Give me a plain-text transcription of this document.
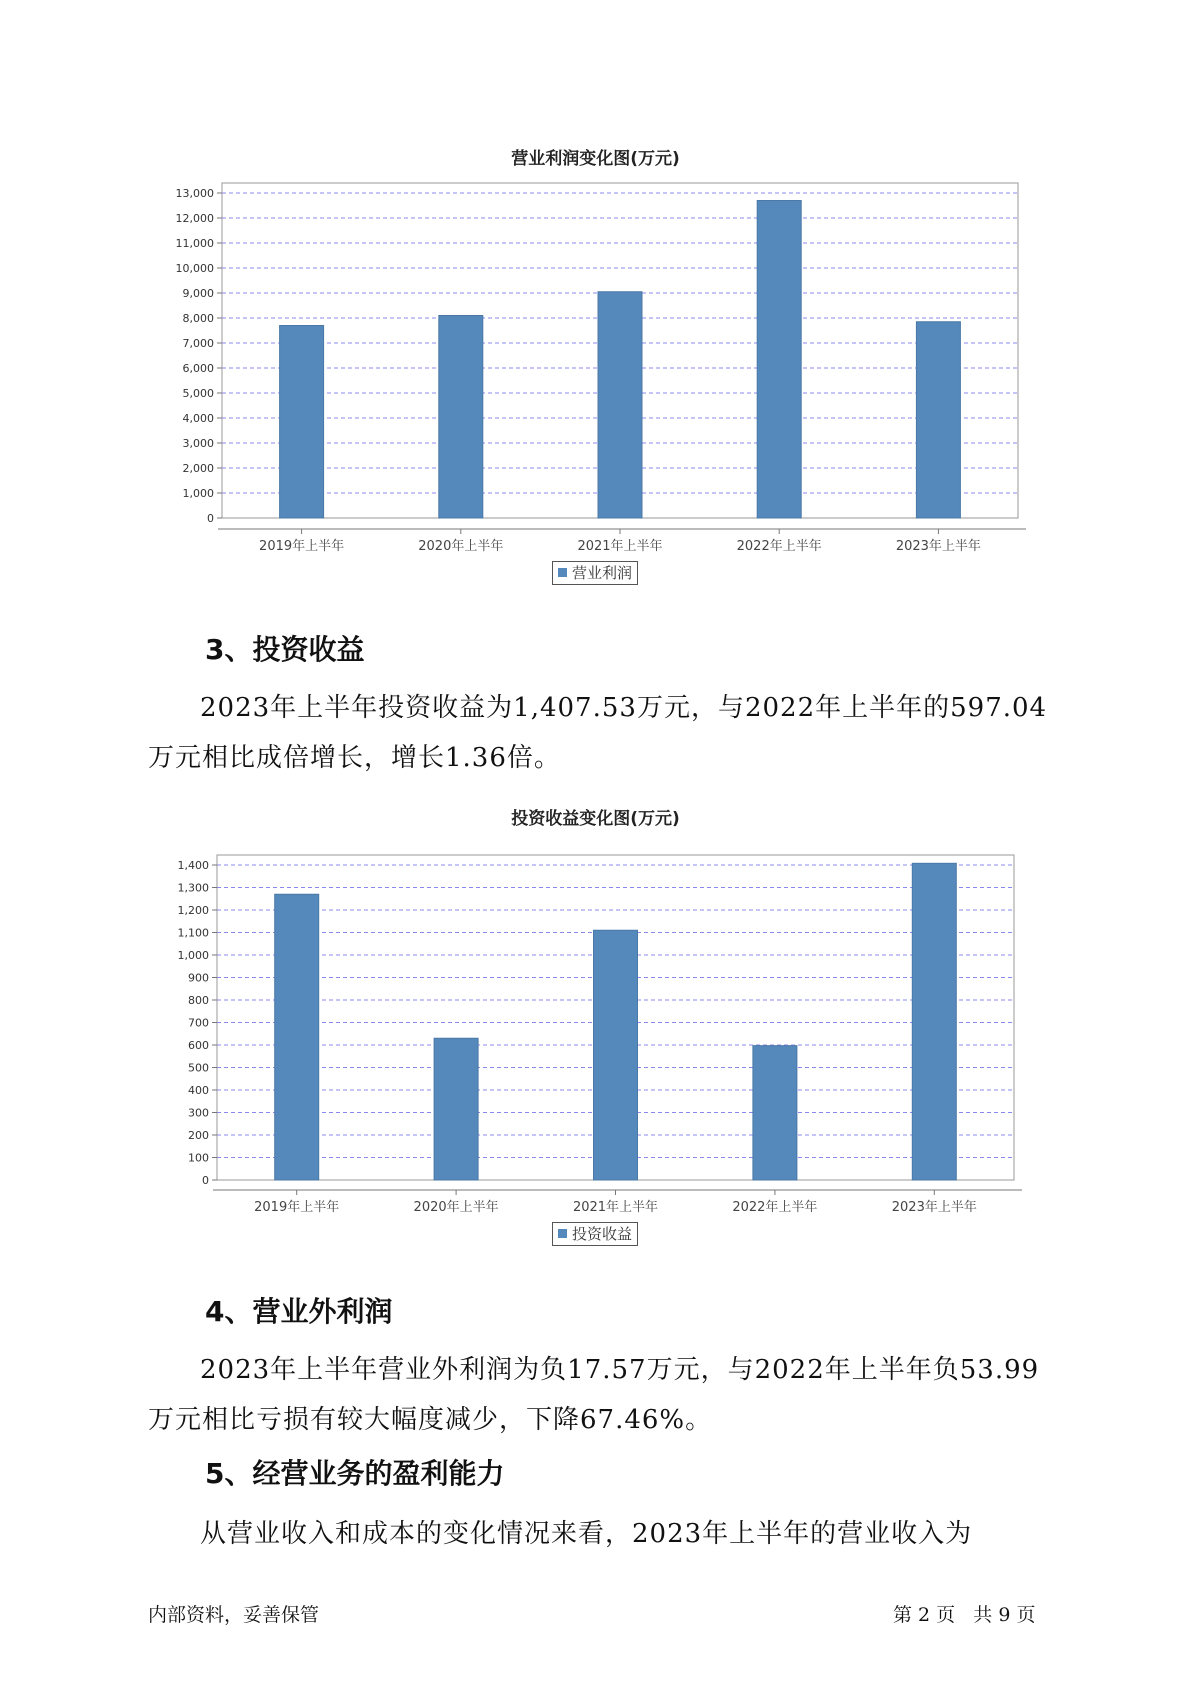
营业利润变化图(万元)
0
1,000
2,000
3,000
4,000
5,000
6,000
7,000
8,000
9,000
10,000
11,000
12,000
13,000
2019年上半年	2020年上半年	2021年上半年	2022年上半年	2023年上半年
营业利润
3、投资收益
2023年上半年投资收益为1,407.53万元，与2022年上半年的597.04万元相比成倍增长，增长1.36倍。
投资收益变化图(万元)
0
100
200
300
400
500
600
700
800
900
1,000
1,100
1,200
1,300
1,400
2019年上半年	2020年上半年	2021年上半年	2022年上半年	2023年上半年
投资收益
4、营业外利润
2023年上半年营业外利润为负17.57万元，与2022年上半年负53.99万元相比亏损有较大幅度减少，下降67.46%。
5、经营业务的盈利能力
从营业收入和成本的变化情况来看，2023年上半年的营业收入为
内部资料，妥善保管	第 2 页   共 9 页
